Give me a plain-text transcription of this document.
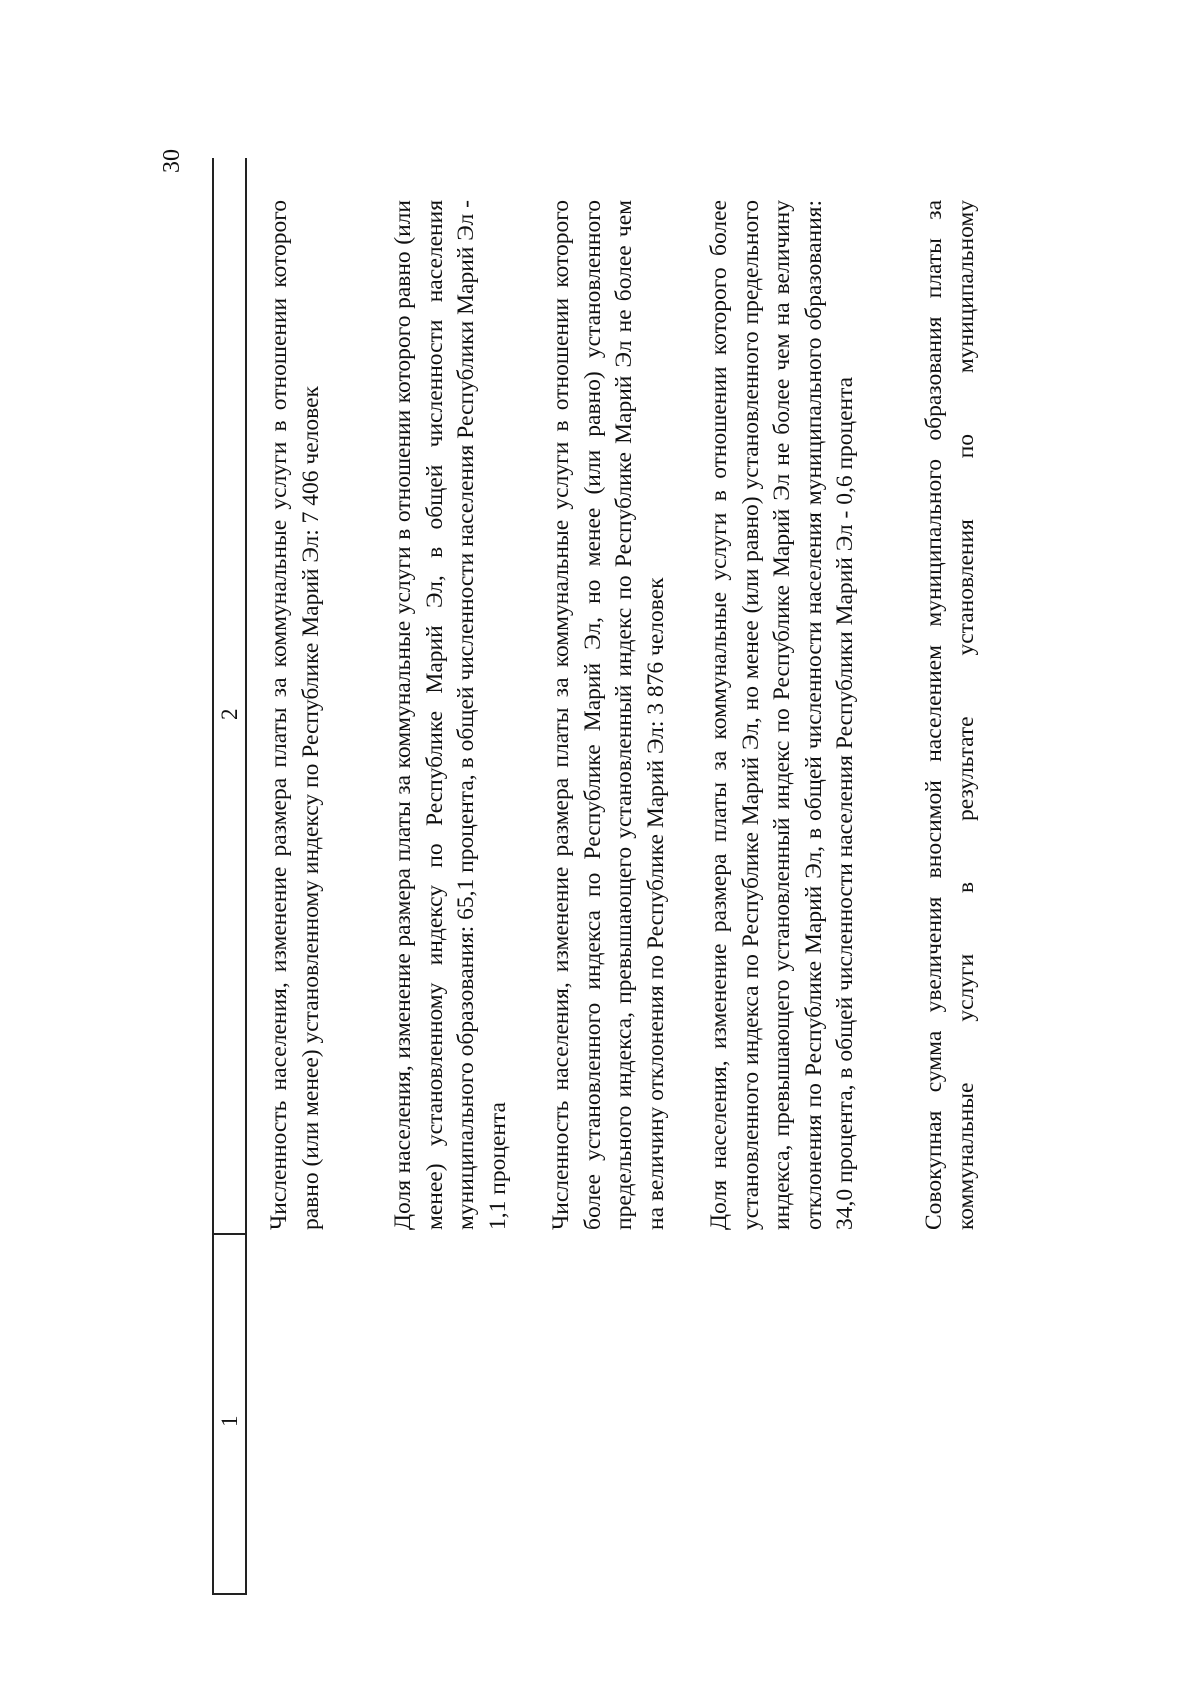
30
1
2 Численность населения, изменение размера платы за коммунальные услуги в отношении которого равно (или менее) установленному индексу по Республике Марий Эл: 7 406 человек	Доля населения, изменение размера платы за коммунальные услуги в отношении которого равно (или менее) установленному индексу по Республике Марий Эл, в общей численности населения муниципального образования: 65,1 процента, в общей численности населения Республики Марий Эл - 1,1 процента Численность населения, изменение размера платы за коммунальные услуги в отношении которого более установленного индекса по Республике Марий Эл, но менее (или равно) установленного предельного индекса, превышающего установленный индекс по Республике Марий Эл не более чем на величину отклонения по Республике Марий Эл: 3 876 человек Доля населения, изменение размера платы за коммунальные услуги в отношении которого более установленного индекса по Республике Марий Эл, но менее (или равно) установленного предельного индекса, превышающего установленный индекс по Республике Марий Эл не более чем на величину отклонения по Республике Марий Эл, в общей численности населения муниципального образования: 34,0 процента, в общей численности населения Республики Марий Эл - 0,6 процента	Совокупная сумма увеличения вносимой населением муниципального образования платы за коммунальные услуги в результате установления по муниципальному
